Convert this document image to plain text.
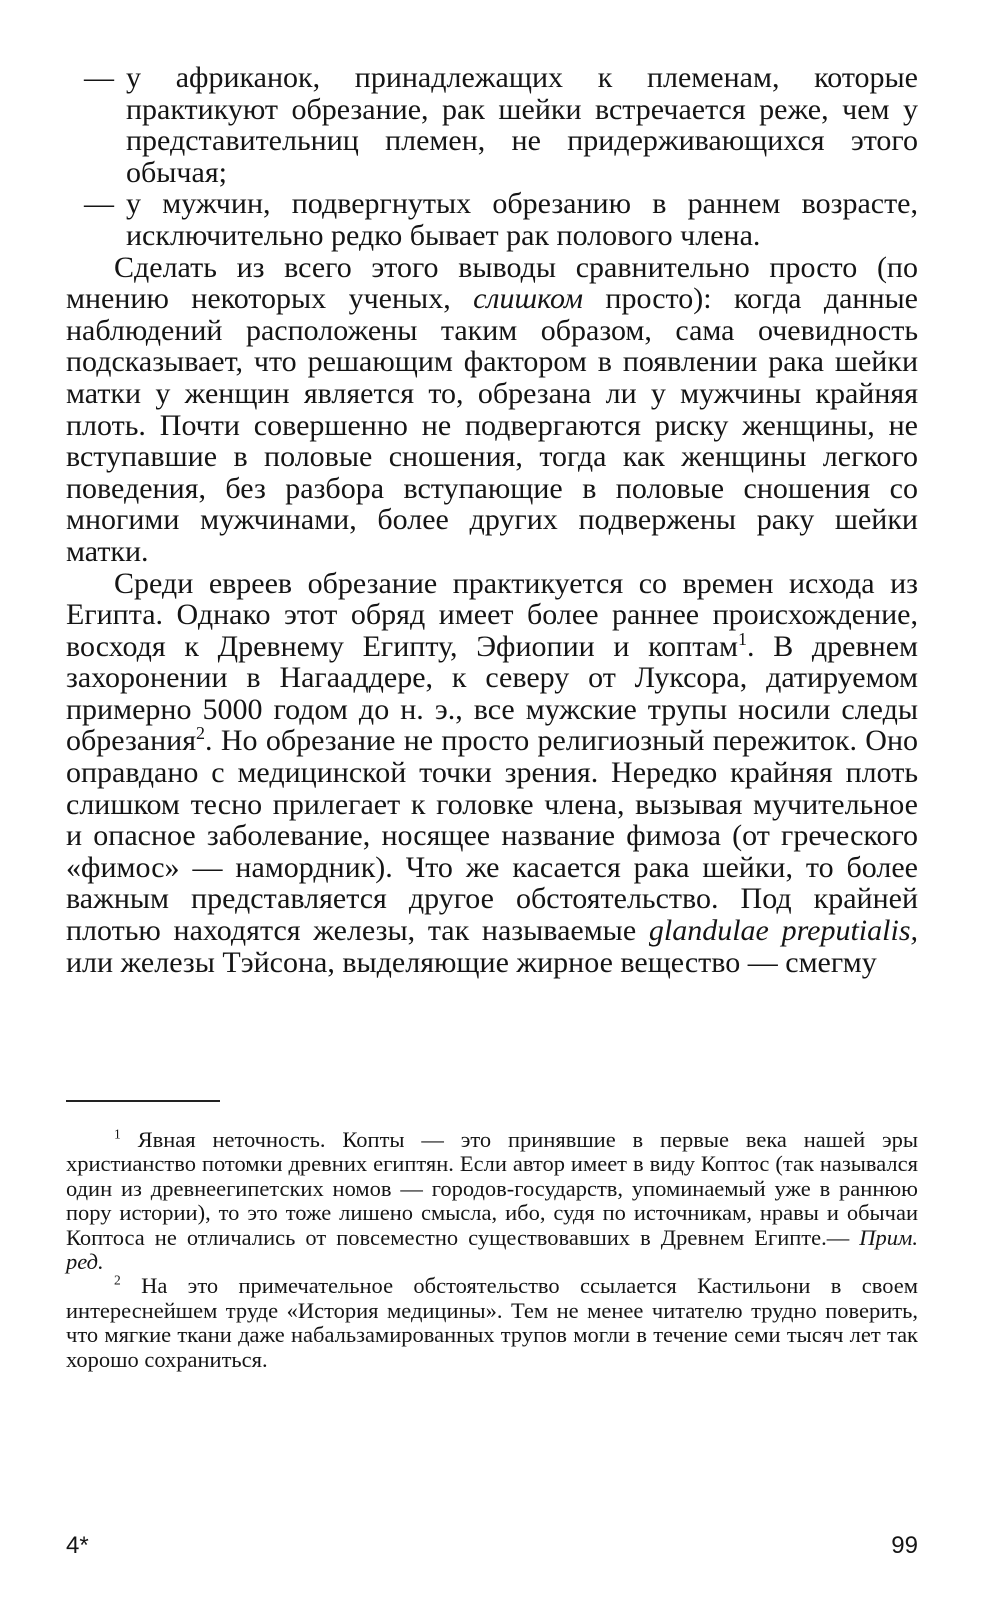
— у африканок, принадлежащих к племенам, которые практикуют обрезание, рак шейки встречается реже, чем у представительниц племен, не придерживающихся этого обычая;
— у мужчин, подвергнутых обрезанию в раннем возрасте, исключительно редко бывает рак полового члена.

Сделать из всего этого выводы сравнительно просто (по мнению некоторых ученых, слишком просто): когда данные наблюдений расположены таким образом, сама очевидность подсказывает, что решающим фактором в появлении рака шейки матки у женщин является то, обрезана ли у мужчины крайняя плоть. Почти совершенно не подвергаются риску женщины, не вступавшие в половые сношения, тогда как женщины легкого поведения, без разбора вступающие в половые сношения со многими мужчинами, более других подвержены раку шейки матки.

Среди евреев обрезание практикуется со времен исхода из Египта. Однако этот обряд имеет более раннее происхождение, восходя к Древнему Египту, Эфиопии и коптам$^1$. В древнем захоронении в Нагааддере, к северу от Луксора, датируемом примерно 5000 годом до н. э., все мужские трупы носили следы обрезания$^2$. Но обрезание не просто религиозный пережиток. Оно оправдано с медицинской точки зрения. Нередко крайняя плоть слишком тесно прилегает к головке члена, вызывая мучительное и опасное заболевание, носящее название фимоза (от греческого «фимос» — намордник). Что же касается рака шейки, то более важным представляется другое обстоятельство. Под крайней плотью находятся железы, так называемые glandulae preputialis, или железы Тэйсона, выделяющие жирное вещество — смегму

$^1$ Явная неточность. Копты — это принявшие в первые века нашей эры христианство потомки древних египтян. Если автор имеет в виду Коптос (так назывался один из древнеегипетских номов — городов-государств, упоминаемый уже в раннюю пору истории), то это тоже лишено смысла, ибо, судя по источникам, нравы и обычаи Коптоса не отличались от повсеместно существовавших в Древнем Египте.— Прим. ред.

$^2$ На это примечательное обстоятельство ссылается Кастильони в своем интереснейшем труде «История медицины». Тем не менее читателю трудно поверить, что мягкие ткани даже набальзамированных трупов могли в течение семи тысяч лет так хорошо сохраниться.

4*	99
